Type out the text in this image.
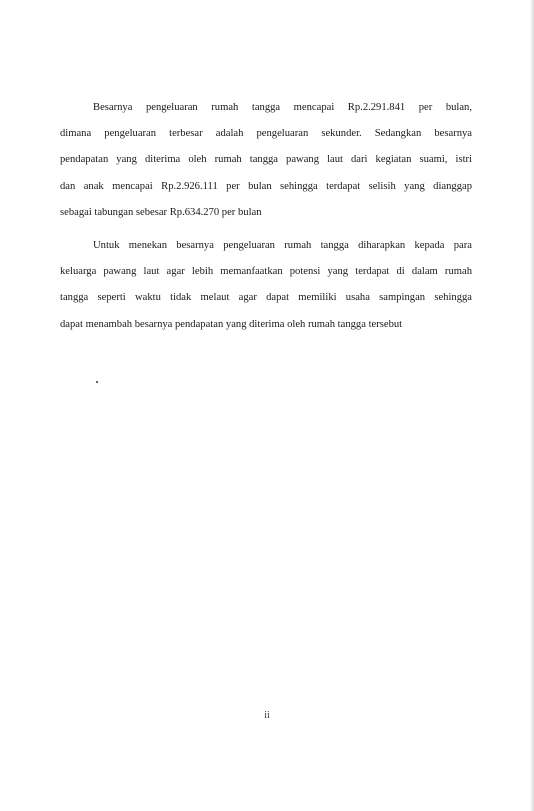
Besarnya pengeluaran rumah tangga mencapai Rp.2.291.841 per bulan,
dimana pengeluaran terbesar adalah pengeluaran sekunder. Sedangkan besarnya
pendapatan yang diterima oleh rumah tangga pawang laut dari kegiatan suami, istri
dan anak mencapai Rp.2.926.111 per bulan sehingga terdapat selisih yang dianggap
sebagai tabungan sebesar Rp.634.270 per bulan
Untuk menekan besarnya pengeluaran rumah tangga diharapkan kepada para
keluarga pawang laut agar lebih memanfaatkan potensi yang terdapat di dalam rumah
tangga seperti waktu tidak melaut agar dapat memiliki usaha sampingan sehingga
dapat menambah besarnya pendapatan yang diterima oleh rumah tangga tersebut
ii
